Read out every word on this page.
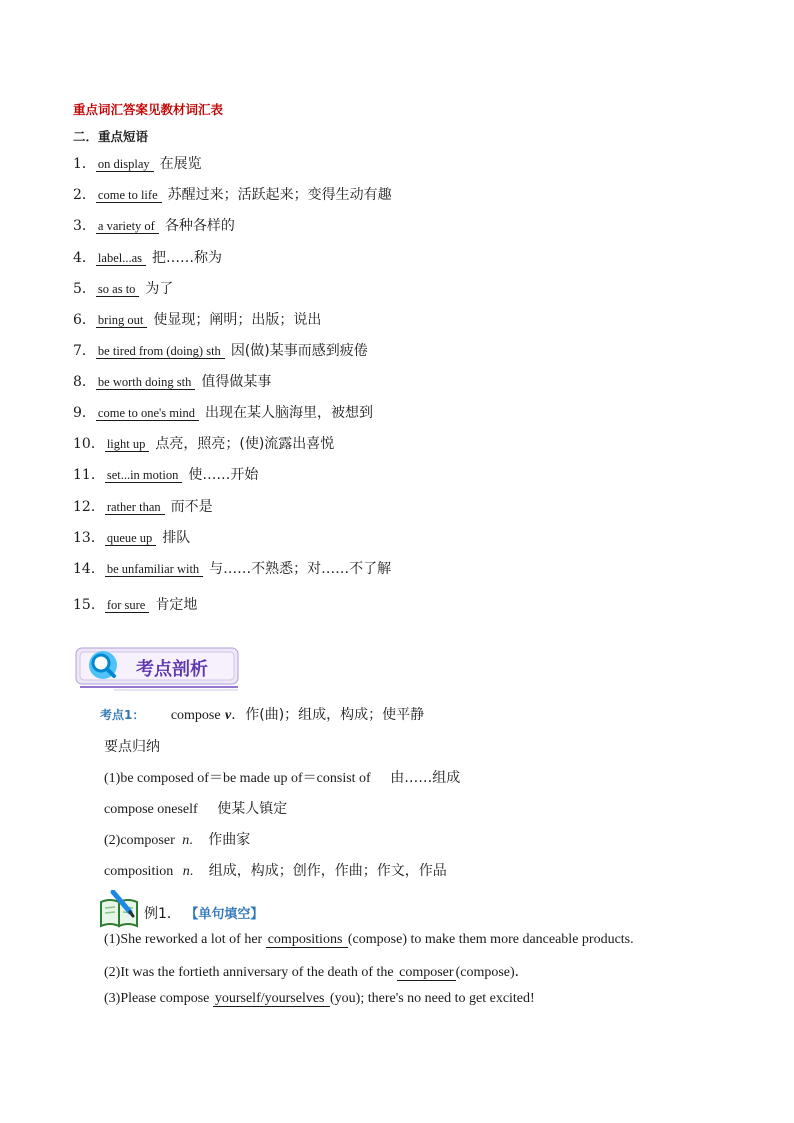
重点词汇答案见教材词汇表
二．重点短语
1． on display 在展览
2． come to life 苏醒过来；活跃起来；变得生动有趣
3． a variety of 各种各样的
4． label...as 把……称为
5． so as to 为了
6． bring out 使显现；阐明；出版；说出
7． be tired from (doing) sth 因(做)某事而感到疲倦
8． be worth doing sth 值得做某事
9． come to one's mind 出现在某人脑海里，被想到
10． light up 点亮，照亮；(使)流露出喜悦
11． set...in motion 使……开始
12． rather than 而不是
13． queue up 排队
14． be unfamiliar with 与……不熟悉；对……不了解
15． for sure 肯定地
考点剖析
考点1： compose v．作(曲)；组成，构成；使平静
要点归纳
(1)be composed of＝be made up of＝consist of 由……组成
compose oneself 使某人镇定
(2)composer n. 作曲家
composition n. 组成，构成；创作，作曲；作文，作品
例1． 【单句填空】
(1)She reworked a lot of her compositions (compose) to make them more danceable products.
(2)It was the fortieth anniversary of the death of the composer (compose)．
(3)Please compose yourself/yourselves (you); there's no need to get excited!
